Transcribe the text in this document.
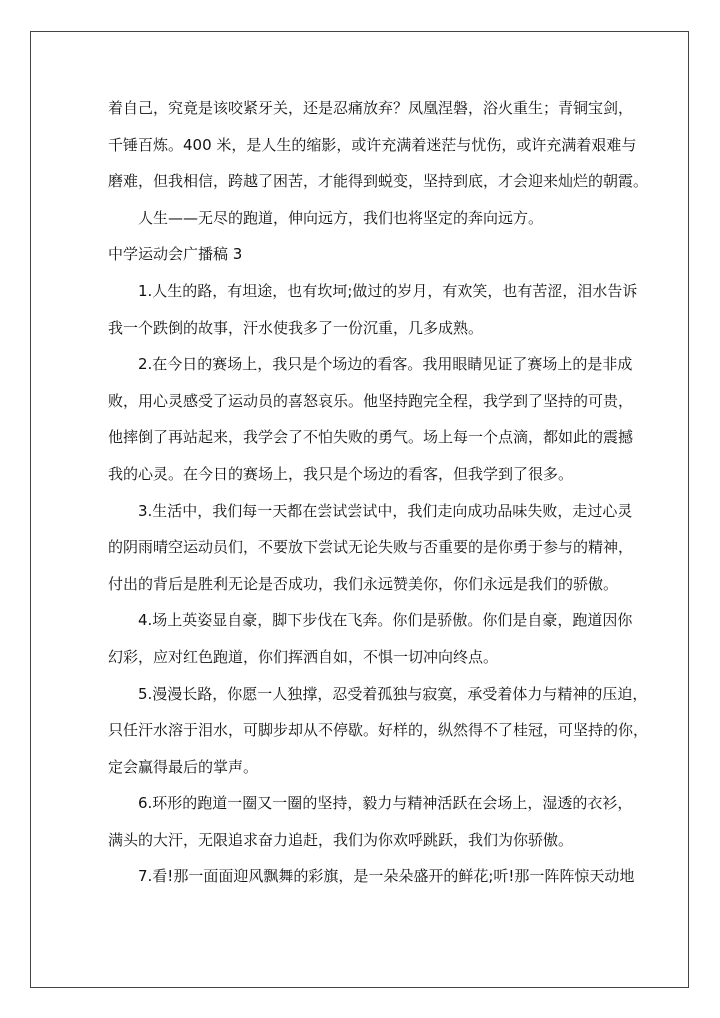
着自己，究竟是该咬紧牙关，还是忍痛放弃？凤凰涅磐，浴火重生；青铜宝剑，

千锤百炼。400 米，是人生的缩影，或许充满着迷茫与忧伤，或许充满着艰难与

磨难，但我相信，跨越了困苦，才能得到蜕变，坚持到底，才会迎来灿烂的朝霞。

人生——无尽的跑道，伸向远方，我们也将坚定的奔向远方。

中学运动会广播稿 3

1.人生的路，有坦途，也有坎坷;做过的岁月，有欢笑，也有苦涩，泪水告诉

我一个跌倒的故事，汗水使我多了一份沉重，几多成熟。

2.在今日的赛场上，我只是个场边的看客。我用眼睛见证了赛场上的是非成

败，用心灵感受了运动员的喜怒哀乐。他坚持跑完全程，我学到了坚持的可贵，

他摔倒了再站起来，我学会了不怕失败的勇气。场上每一个点滴，都如此的震撼

我的心灵。在今日的赛场上，我只是个场边的看客，但我学到了很多。

3.生活中，我们每一天都在尝试尝试中，我们走向成功品味失败，走过心灵

的阴雨晴空运动员们，不要放下尝试无论失败与否重要的是你勇于参与的精神，

付出的背后是胜利无论是否成功，我们永远赞美你，你们永远是我们的骄傲。

4.场上英姿显自豪，脚下步伐在飞奔。你们是骄傲。你们是自豪，跑道因你

幻彩，应对红色跑道，你们挥洒自如，不惧一切冲向终点。

5.漫漫长路，你愿一人独撑，忍受着孤独与寂寞，承受着体力与精神的压迫，

只任汗水溶于泪水，可脚步却从不停歇。好样的，纵然得不了桂冠，可坚持的你，

定会赢得最后的掌声。

6.环形的跑道一圈又一圈的坚持，毅力与精神活跃在会场上，湿透的衣衫，

满头的大汗，无限追求奋力追赶，我们为你欢呼跳跃，我们为你骄傲。

7.看!那一面面迎风飘舞的彩旗，是一朵朵盛开的鲜花;听!那一阵阵惊天动地
